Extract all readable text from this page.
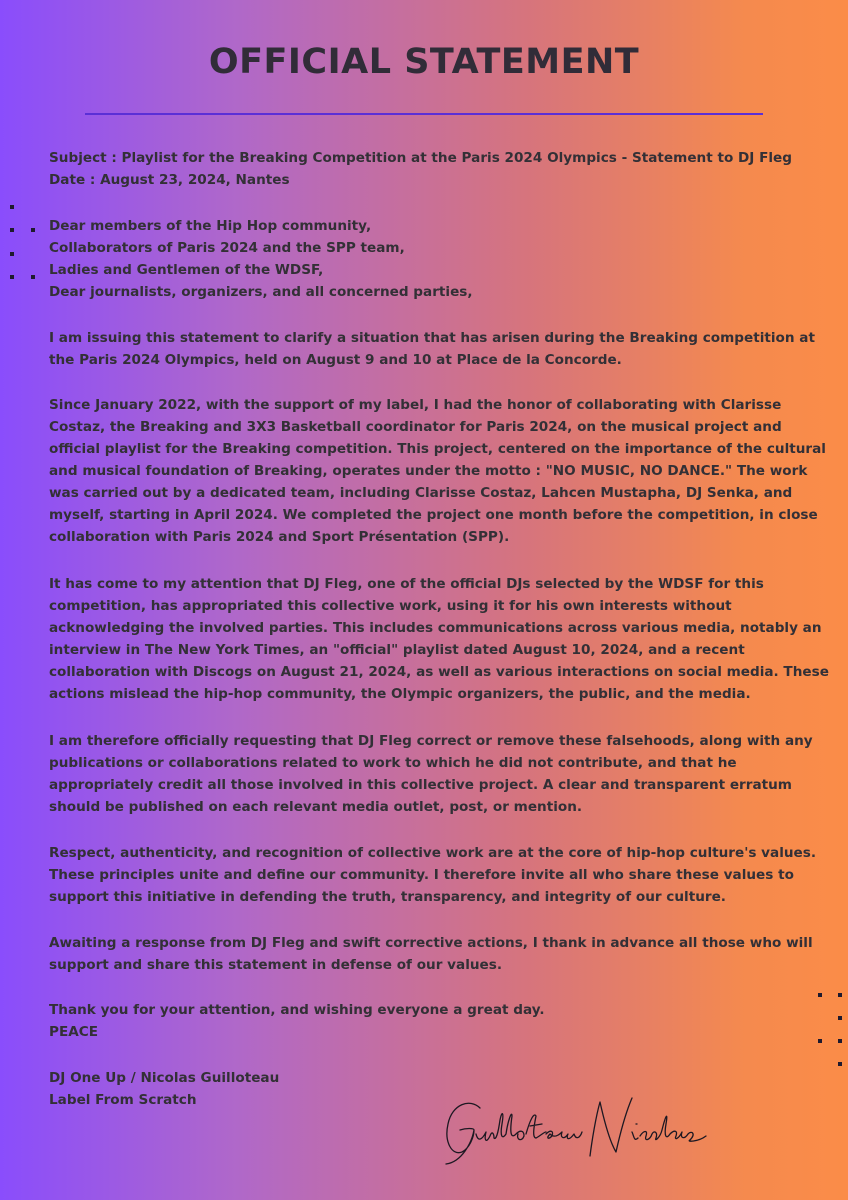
OFFICIAL STATEMENT

Subject : Playlist for the Breaking Competition at the Paris 2024 Olympics - Statement to DJ Fleg
Date : August 23, 2024, Nantes

Dear members of the Hip Hop community,
Collaborators of Paris 2024 and the SPP team,
Ladies and Gentlemen of the WDSF,
Dear journalists, organizers, and all concerned parties,

I am issuing this statement to clarify a situation that has arisen during the Breaking competition at
the Paris 2024 Olympics, held on August 9 and 10 at Place de la Concorde.

Since January 2022, with the support of my label, I had the honor of collaborating with Clarisse
Costaz, the Breaking and 3X3 Basketball coordinator for Paris 2024, on the musical project and
official playlist for the Breaking competition. This project, centered on the importance of the cultural
and musical foundation of Breaking, operates under the motto : "NO MUSIC, NO DANCE." The work
was carried out by a dedicated team, including Clarisse Costaz, Lahcen Mustapha, DJ Senka, and
myself, starting in April 2024. We completed the project one month before the competition, in close
collaboration with Paris 2024 and Sport Présentation (SPP).

It has come to my attention that DJ Fleg, one of the official DJs selected by the WDSF for this
competition, has appropriated this collective work, using it for his own interests without
acknowledging the involved parties. This includes communications across various media, notably an
interview in The New York Times, an "official" playlist dated August 10, 2024, and a recent
collaboration with Discogs on August 21, 2024, as well as various interactions on social media. These
actions mislead the hip-hop community, the Olympic organizers, the public, and the media.

I am therefore officially requesting that DJ Fleg correct or remove these falsehoods, along with any
publications or collaborations related to work to which he did not contribute, and that he
appropriately credit all those involved in this collective project. A clear and transparent erratum
should be published on each relevant media outlet, post, or mention.

Respect, authenticity, and recognition of collective work are at the core of hip-hop culture's values.
These principles unite and define our community. I therefore invite all who share these values to
support this initiative in defending the truth, transparency, and integrity of our culture.

Awaiting a response from DJ Fleg and swift corrective actions, I thank in advance all those who will
support and share this statement in defense of our values.

Thank you for your attention, and wishing everyone a great day.
PEACE

DJ One Up / Nicolas Guilloteau
Label From Scratch
